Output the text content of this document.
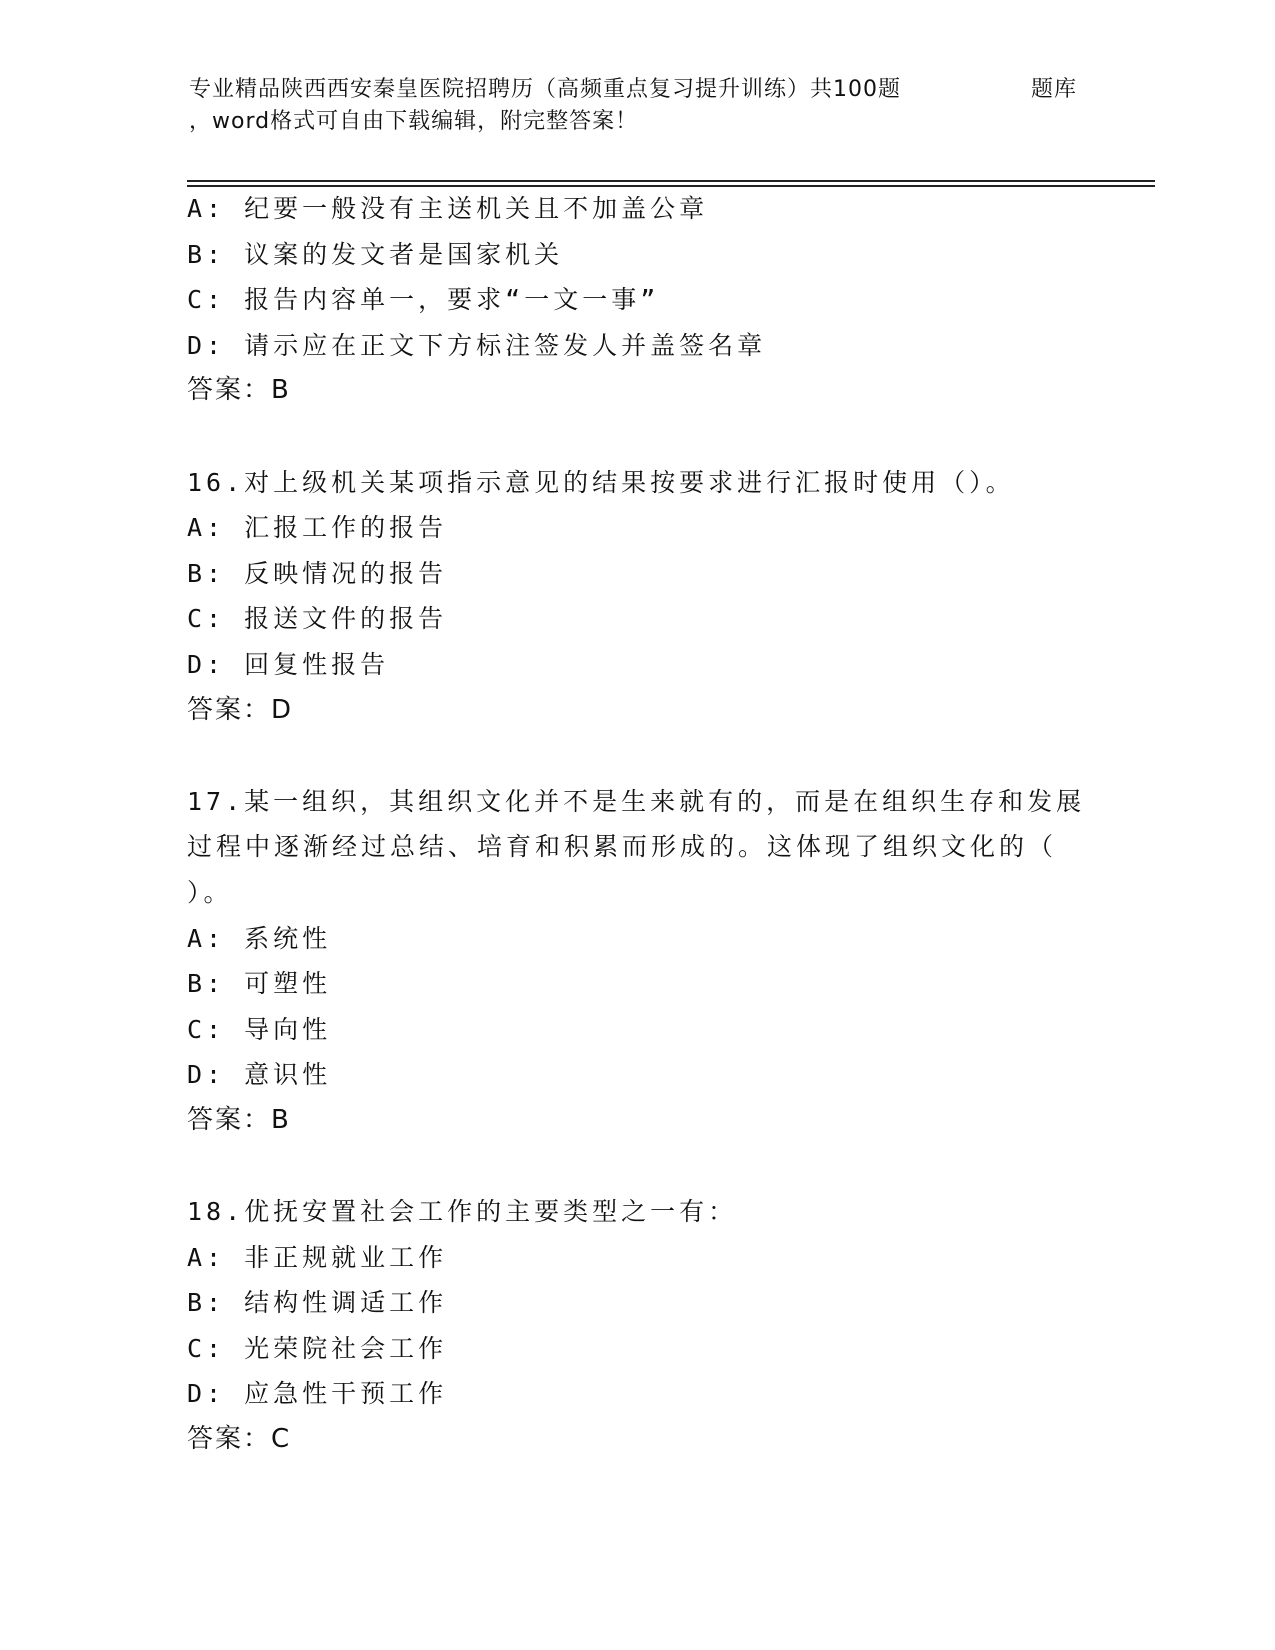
专业精品陕西西安秦皇医院招聘历（高频重点复习提升训练）共100题
，word格式可自由下载编辑，附完整答案！
题库
A: 纪要一般没有主送机关且不加盖公章
B: 议案的发文者是国家机关
C: 报告内容单一，要求“一文一事”
D: 请示应在正文下方标注签发人并盖签名章
答案：B
16.对上级机关某项指示意见的结果按要求进行汇报时使用（）。
A: 汇报工作的报告
B: 反映情况的报告
C: 报送文件的报告
D: 回复性报告
答案：D
17.某一组织，其组织文化并不是生来就有的，而是在组织生存和发展
过程中逐渐经过总结、培育和积累而形成的。这体现了组织文化的（
）。
A: 系统性
B: 可塑性
C: 导向性
D: 意识性
答案：B
18.优抚安置社会工作的主要类型之一有：
A: 非正规就业工作
B: 结构性调适工作
C: 光荣院社会工作
D: 应急性干预工作
答案：C
